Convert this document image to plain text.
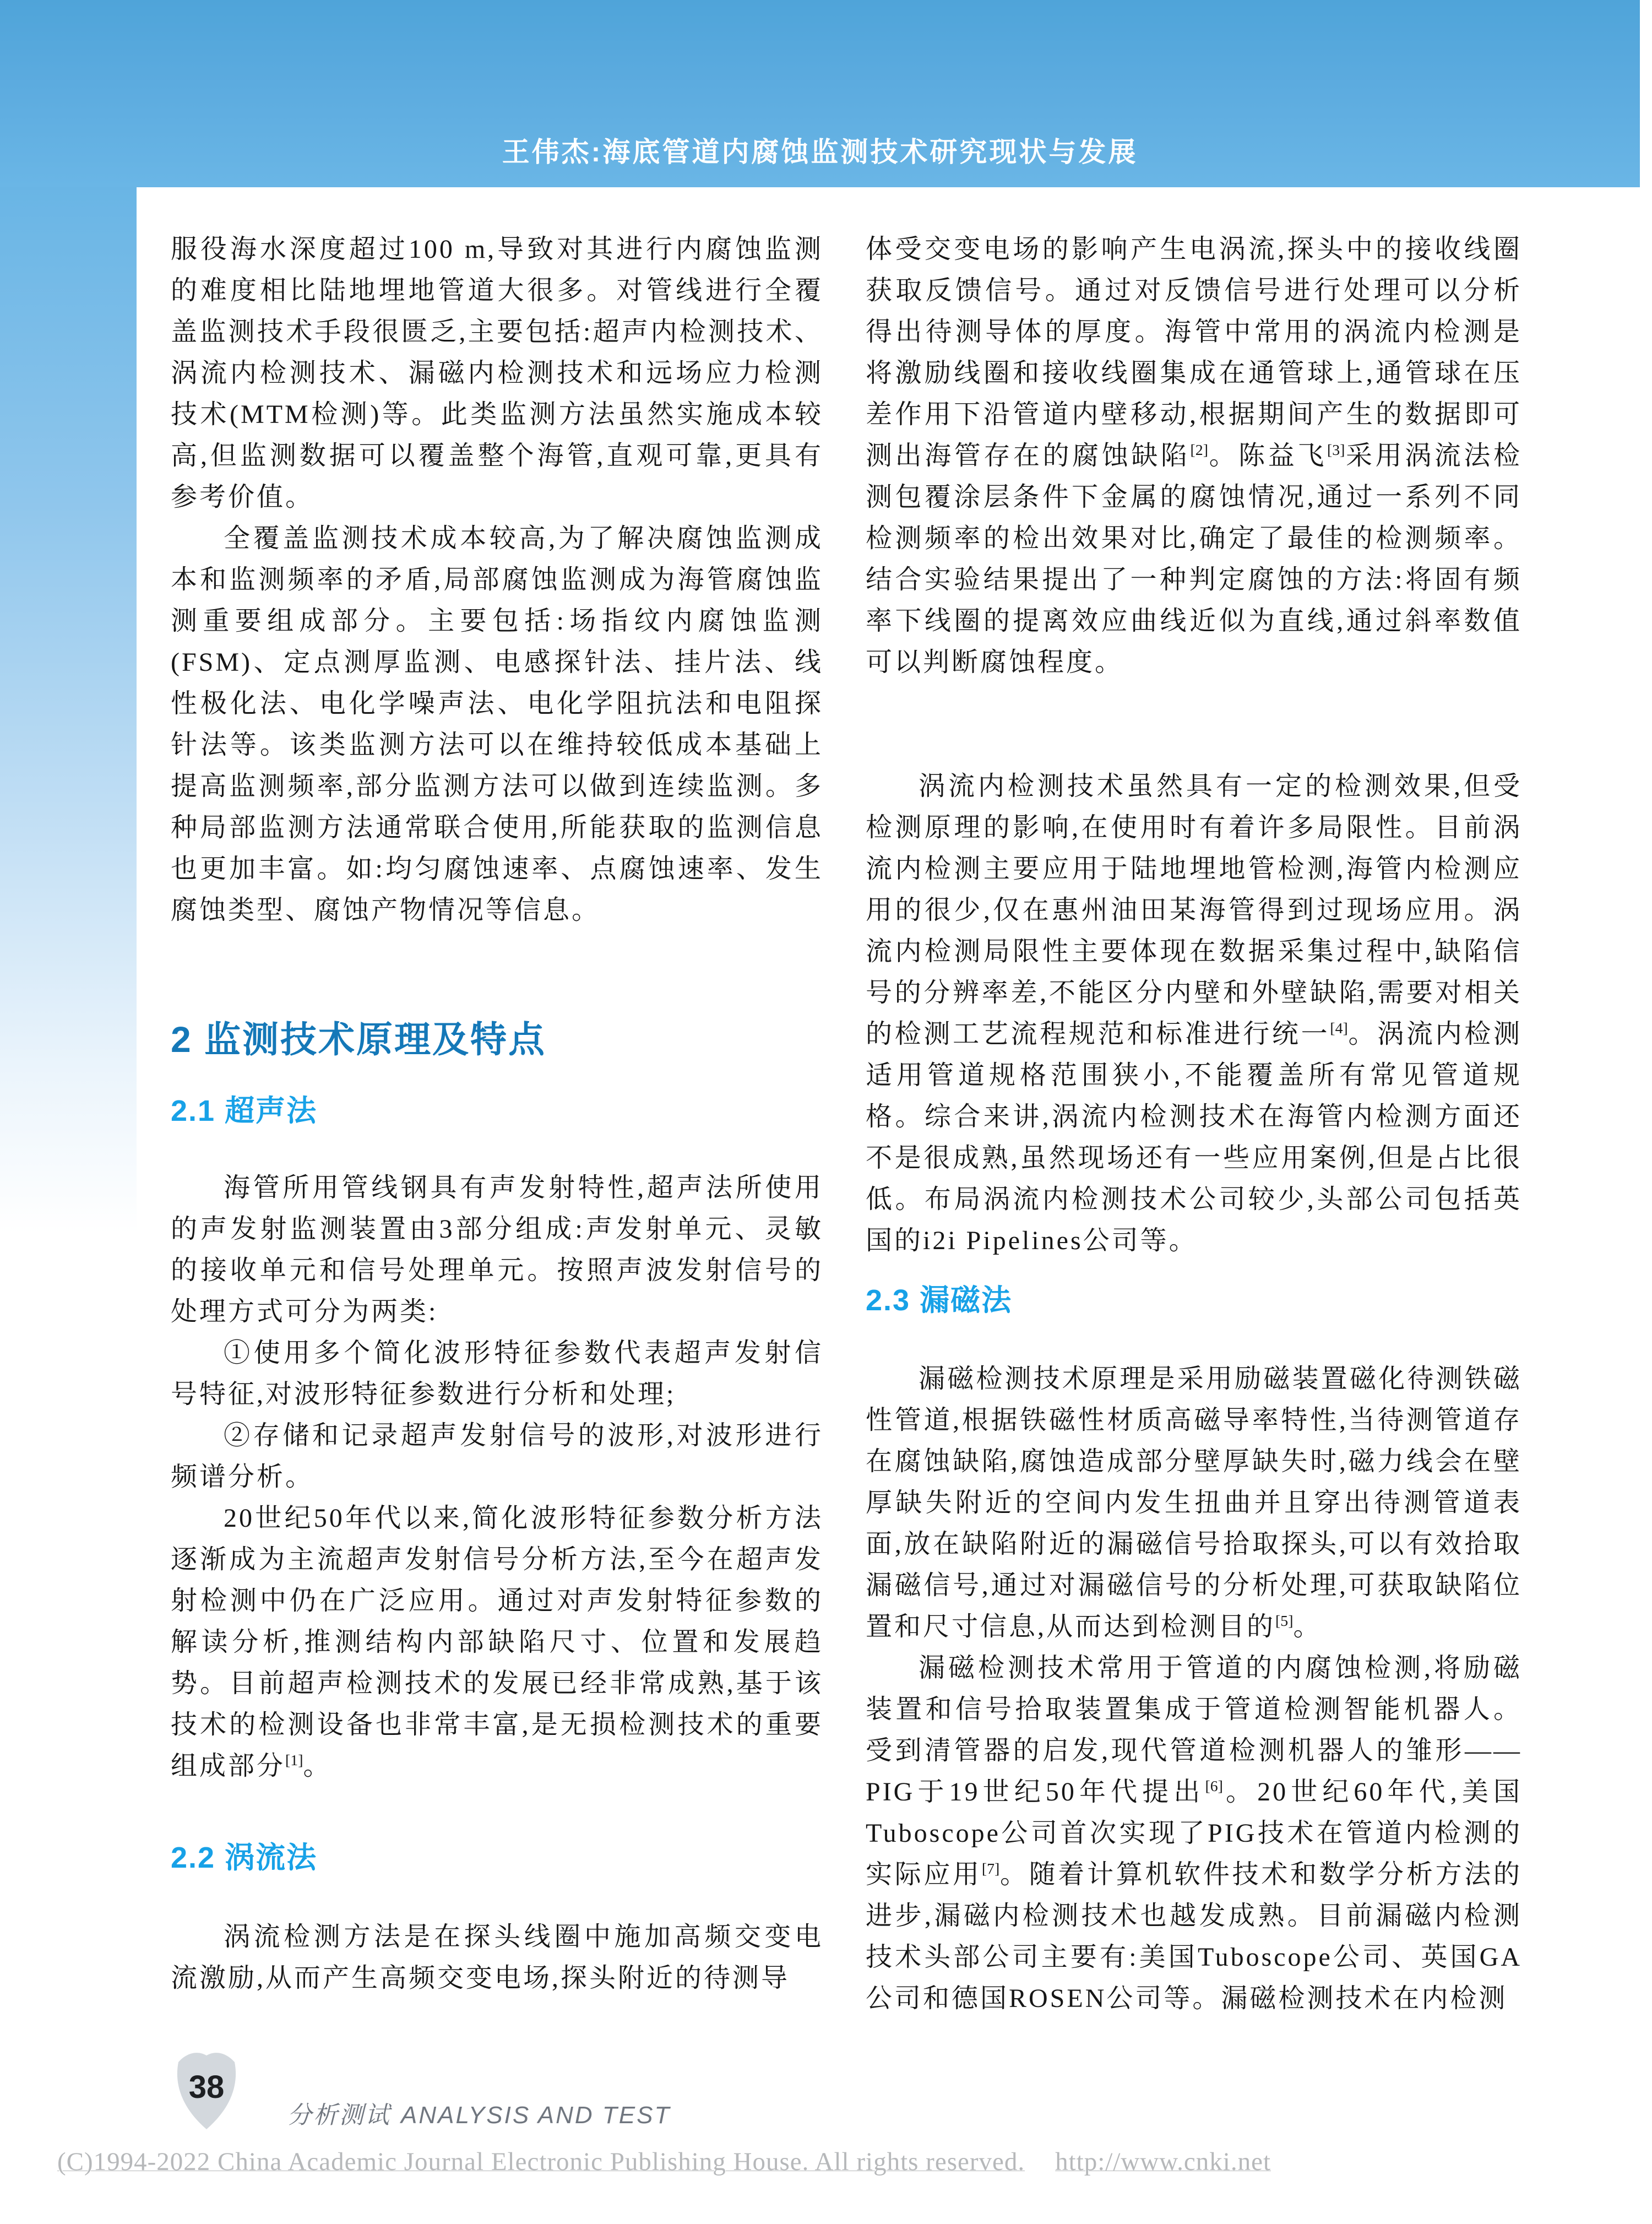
王伟杰:海底管道内腐蚀监测技术研究现状与发展

服役海水深度超过100 m,导致对其进行内腐蚀监测的难度相比陆地埋地管道大很多。对管线进行全覆盖监测技术手段很匮乏,主要包括:超声内检测技术、涡流内检测技术、漏磁内检测技术和远场应力检测技术(MTM检测)等。此类监测方法虽然实施成本较高,但监测数据可以覆盖整个海管,直观可靠,更具有参考价值。

全覆盖监测技术成本较高,为了解决腐蚀监测成本和监测频率的矛盾,局部腐蚀监测成为海管腐蚀监测重要组成部分。主要包括:场指纹内腐蚀监测(FSM)、定点测厚监测、电感探针法、挂片法、线性极化法、电化学噪声法、电化学阻抗法和电阻探针法等。该类监测方法可以在维持较低成本基础上提高监测频率,部分监测方法可以做到连续监测。多种局部监测方法通常联合使用,所能获取的监测信息也更加丰富。如:均匀腐蚀速率、点腐蚀速率、发生腐蚀类型、腐蚀产物情况等信息。

2 监测技术原理及特点
2.1 超声法

海管所用管线钢具有声发射特性,超声法所使用的声发射监测装置由3部分组成:声发射单元、灵敏的接收单元和信号处理单元。按照声波发射信号的处理方式可分为两类:

①使用多个简化波形特征参数代表超声发射信号特征,对波形特征参数进行分析和处理;

②存储和记录超声发射信号的波形,对波形进行频谱分析。

20世纪50年代以来,简化波形特征参数分析方法逐渐成为主流超声发射信号分析方法,至今在超声发射检测中仍在广泛应用。通过对声发射特征参数的解读分析,推测结构内部缺陷尺寸、位置和发展趋势。目前超声检测技术的发展已经非常成熟,基于该技术的检测设备也非常丰富,是无损检测技术的重要组成部分[1]。

2.2 涡流法

涡流检测方法是在探头线圈中施加高频交变电流激励,从而产生高频交变电场,探头附近的待测导

体受交变电场的影响产生电涡流,探头中的接收线圈获取反馈信号。通过对反馈信号进行处理可以分析得出待测导体的厚度。海管中常用的涡流内检测是将激励线圈和接收线圈集成在通管球上,通管球在压差作用下沿管道内壁移动,根据期间产生的数据即可测出海管存在的腐蚀缺陷[2]。陈益飞[3]采用涡流法检测包覆涂层条件下金属的腐蚀情况,通过一系列不同检测频率的检出效果对比,确定了最佳的检测频率。结合实验结果提出了一种判定腐蚀的方法:将固有频率下线圈的提离效应曲线近似为直线,通过斜率数值可以判断腐蚀程度。

涡流内检测技术虽然具有一定的检测效果,但受检测原理的影响,在使用时有着许多局限性。目前涡流内检测主要应用于陆地埋地管检测,海管内检测应用的很少,仅在惠州油田某海管得到过现场应用。涡流内检测局限性主要体现在数据采集过程中,缺陷信号的分辨率差,不能区分内壁和外壁缺陷,需要对相关的检测工艺流程规范和标准进行统一[4]。涡流内检测适用管道规格范围狭小,不能覆盖所有常见管道规格。综合来讲,涡流内检测技术在海管内检测方面还不是很成熟,虽然现场还有一些应用案例,但是占比很低。布局涡流内检测技术公司较少,头部公司包括英国的i2i Pipelines公司等。

2.3 漏磁法

漏磁检测技术原理是采用励磁装置磁化待测铁磁性管道,根据铁磁性材质高磁导率特性,当待测管道存在腐蚀缺陷,腐蚀造成部分壁厚缺失时,磁力线会在壁厚缺失附近的空间内发生扭曲并且穿出待测管道表面,放在缺陷附近的漏磁信号拾取探头,可以有效拾取漏磁信号,通过对漏磁信号的分析处理,可获取缺陷位置和尺寸信息,从而达到检测目的[5]。

漏磁检测技术常用于管道的内腐蚀检测,将励磁装置和信号拾取装置集成于管道检测智能机器人。受到清管器的启发,现代管道检测机器人的雏形——PIG于19世纪50年代提出[6]。20世纪60年代,美国Tuboscope公司首次实现了PIG技术在管道内检测的实际应用[7]。随着计算机软件技术和数学分析方法的进步,漏磁内检测技术也越发成熟。目前漏磁内检测技术头部公司主要有:美国Tuboscope公司、英国GA公司和德国ROSEN公司等。漏磁检测技术在内检测

38
分析测试 ANALYSIS AND TEST
(C)1994-2022 China Academic Journal Electronic Publishing House. All rights reserved. http://www.cnki.net
